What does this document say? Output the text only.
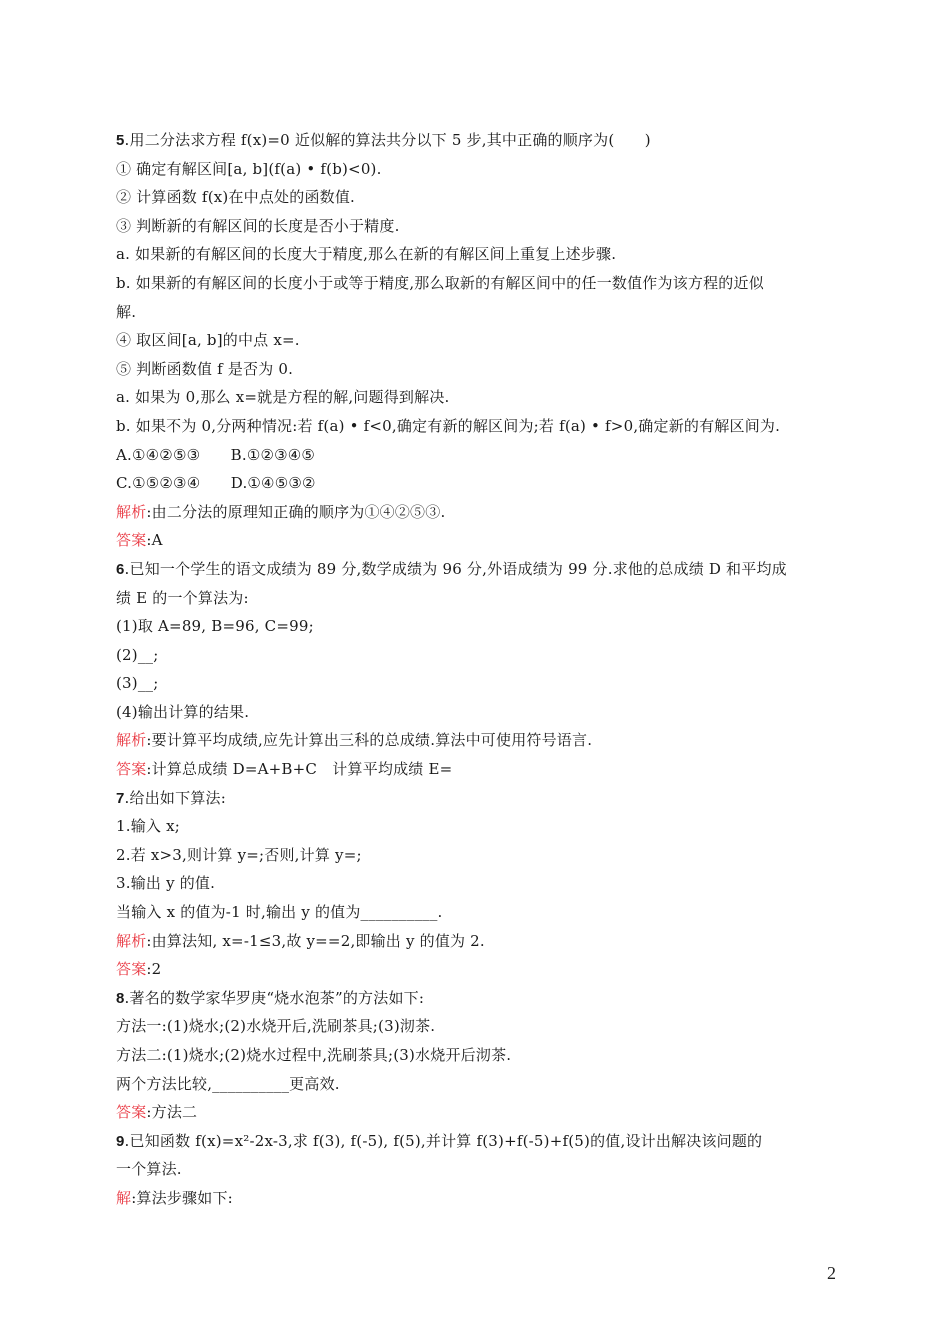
5.用二分法求方程 f(x)=0 近似解的算法共分以下 5 步,其中正确的顺序为(　　)
① 确定有解区间[a, b](f(a) • f(b)<0).
② 计算函数 f(x)在中点处的函数值.
③ 判断新的有解区间的长度是否小于精度.
a. 如果新的有解区间的长度大于精度,那么在新的有解区间上重复上述步骤.
b. 如果新的有解区间的长度小于或等于精度,那么取新的有解区间中的任一数值作为该方程的近似
解.
④ 取区间[a, b]的中点 x=.
⑤ 判断函数值 f 是否为 0.
a. 如果为 0,那么 x=就是方程的解,问题得到解决.
b. 如果不为 0,分两种情况:若 f(a) • f<0,确定有新的解区间为;若 f(a) • f>0,确定新的有解区间为.
A.①④②⑤③　　B.①②③④⑤
C.①⑤②③④　　D.①④⑤③②
解析:由二分法的原理知正确的顺序为①④②⑤③.
答案:A
6.已知一个学生的语文成绩为 89 分,数学成绩为 96 分,外语成绩为 99 分.求他的总成绩 D 和平均成
绩 E 的一个算法为:
(1)取 A=89, B=96, C=99;
(2)__;
(3)__;
(4)输出计算的结果.
解析:要计算平均成绩,应先计算出三科的总成绩.算法中可使用符号语言.
答案:计算总成绩 D=A+B+C　计算平均成绩 E=
7.给出如下算法:
1.输入 x;
2.若 x>3,则计算 y=;否则,计算 y=;
3.输出 y 的值.
当输入 x 的值为-1 时,输出 y 的值为__________.
解析:由算法知, x=-1≤3,故 y==2,即输出 y 的值为 2.
答案:2
8.著名的数学家华罗庚“烧水泡茶”的方法如下:
方法一:(1)烧水;(2)水烧开后,洗刷茶具;(3)沏茶.
方法二:(1)烧水;(2)烧水过程中,洗刷茶具;(3)水烧开后沏茶.
两个方法比较,__________更高效.
答案:方法二
9.已知函数 f(x)=x²-2x-3,求 f(3), f(-5), f(5),并计算 f(3)+f(-5)+f(5)的值,设计出解决该问题的
一个算法.
解:算法步骤如下:
2
